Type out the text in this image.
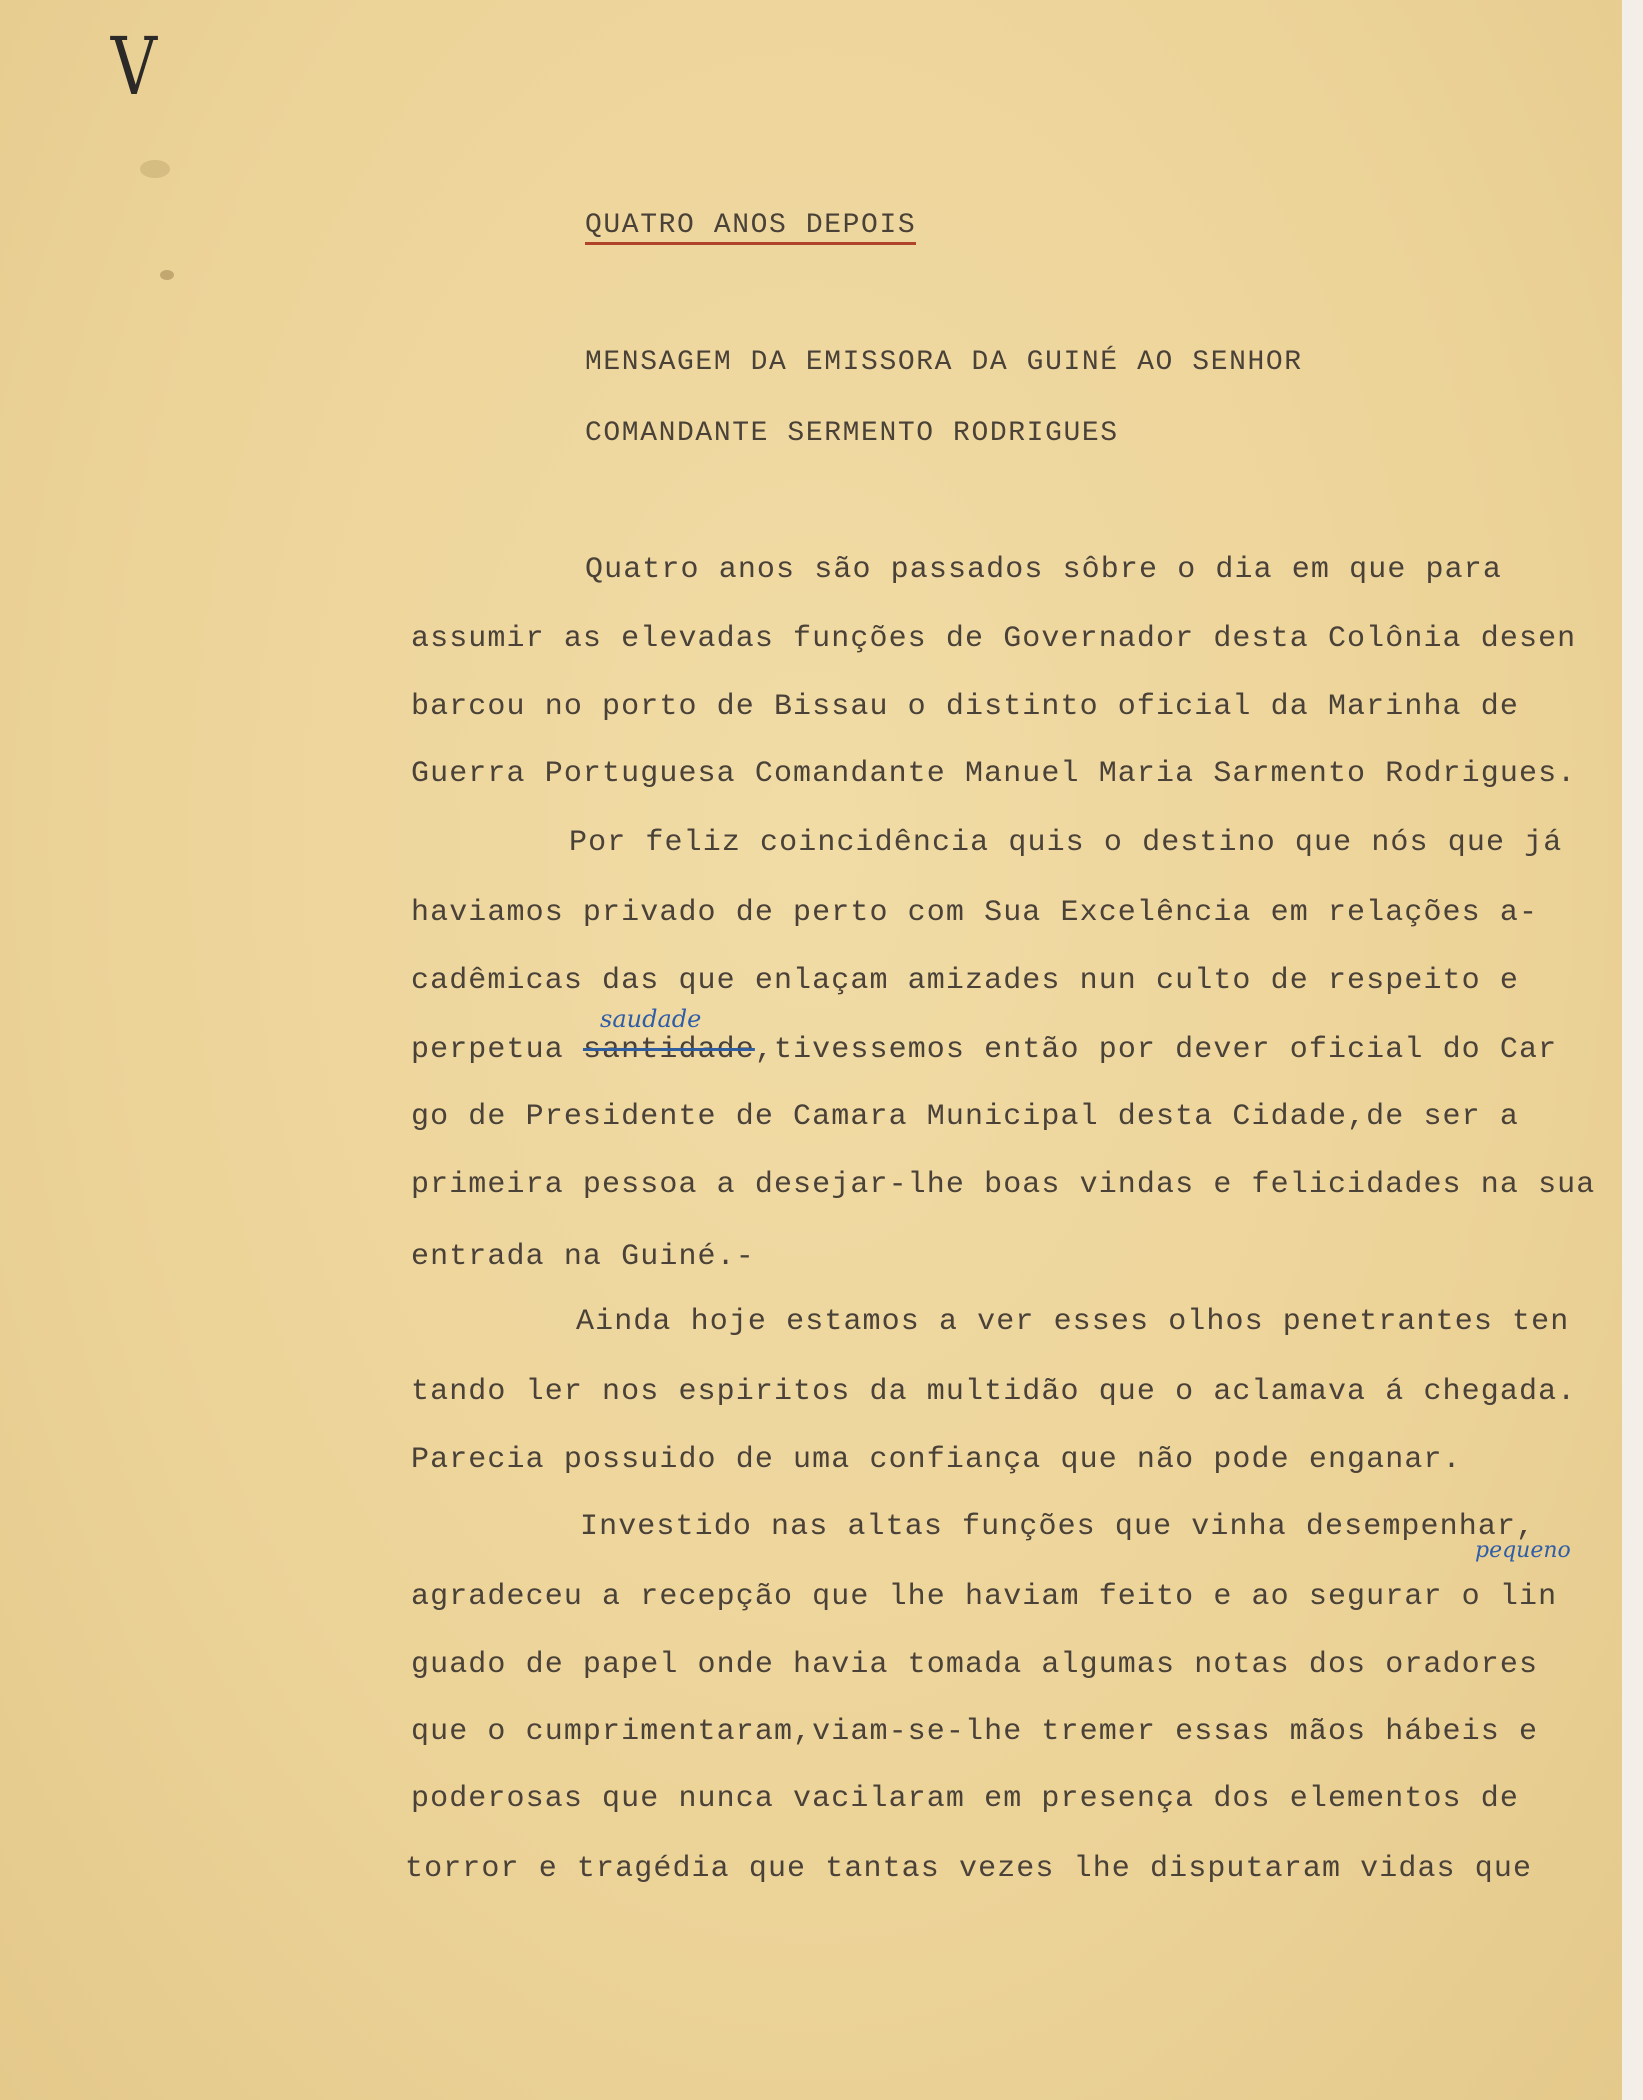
V
QUATRO ANOS DEPOIS
MENSAGEM DA EMISSORA DA GUINÉ AO SENHOR
COMANDANTE SERMENTO RODRIGUES
Quatro anos são passados sôbre o dia em que para
assumir as elevadas funções de Governador desta Colônia desen
barcou no porto de Bissau o distinto oficial da Marinha de
Guerra Portuguesa Comandante Manuel Maria Sarmento Rodrigues.
Por feliz coincidência quis o destino que nós que já
haviamos privado de perto com Sua Excelência em relações a-
cadêmicas das que enlaçam amizades nun culto de respeito e
perpetua santidade,tivessemos então por dever oficial do Car
saudade
go de Presidente de Camara Municipal desta Cidade,de ser a
primeira pessoa a desejar-lhe boas vindas e felicidades na sua
entrada na Guiné.-
Ainda hoje estamos a ver esses olhos penetrantes ten
tando ler nos espiritos da multidão que o aclamava á chegada.
Parecia possuido de uma confiança que não pode enganar.
Investido nas altas funções que vinha desempenhar,
pequeno
agradeceu a recepção que lhe haviam feito e ao segurar o lin
guado de papel onde havia tomada algumas notas dos oradores
que o cumprimentaram,viam-se-lhe tremer essas mãos hábeis e
poderosas que nunca vacilaram em presença dos elementos de
torror e tragédia que tantas vezes lhe disputaram vidas que
